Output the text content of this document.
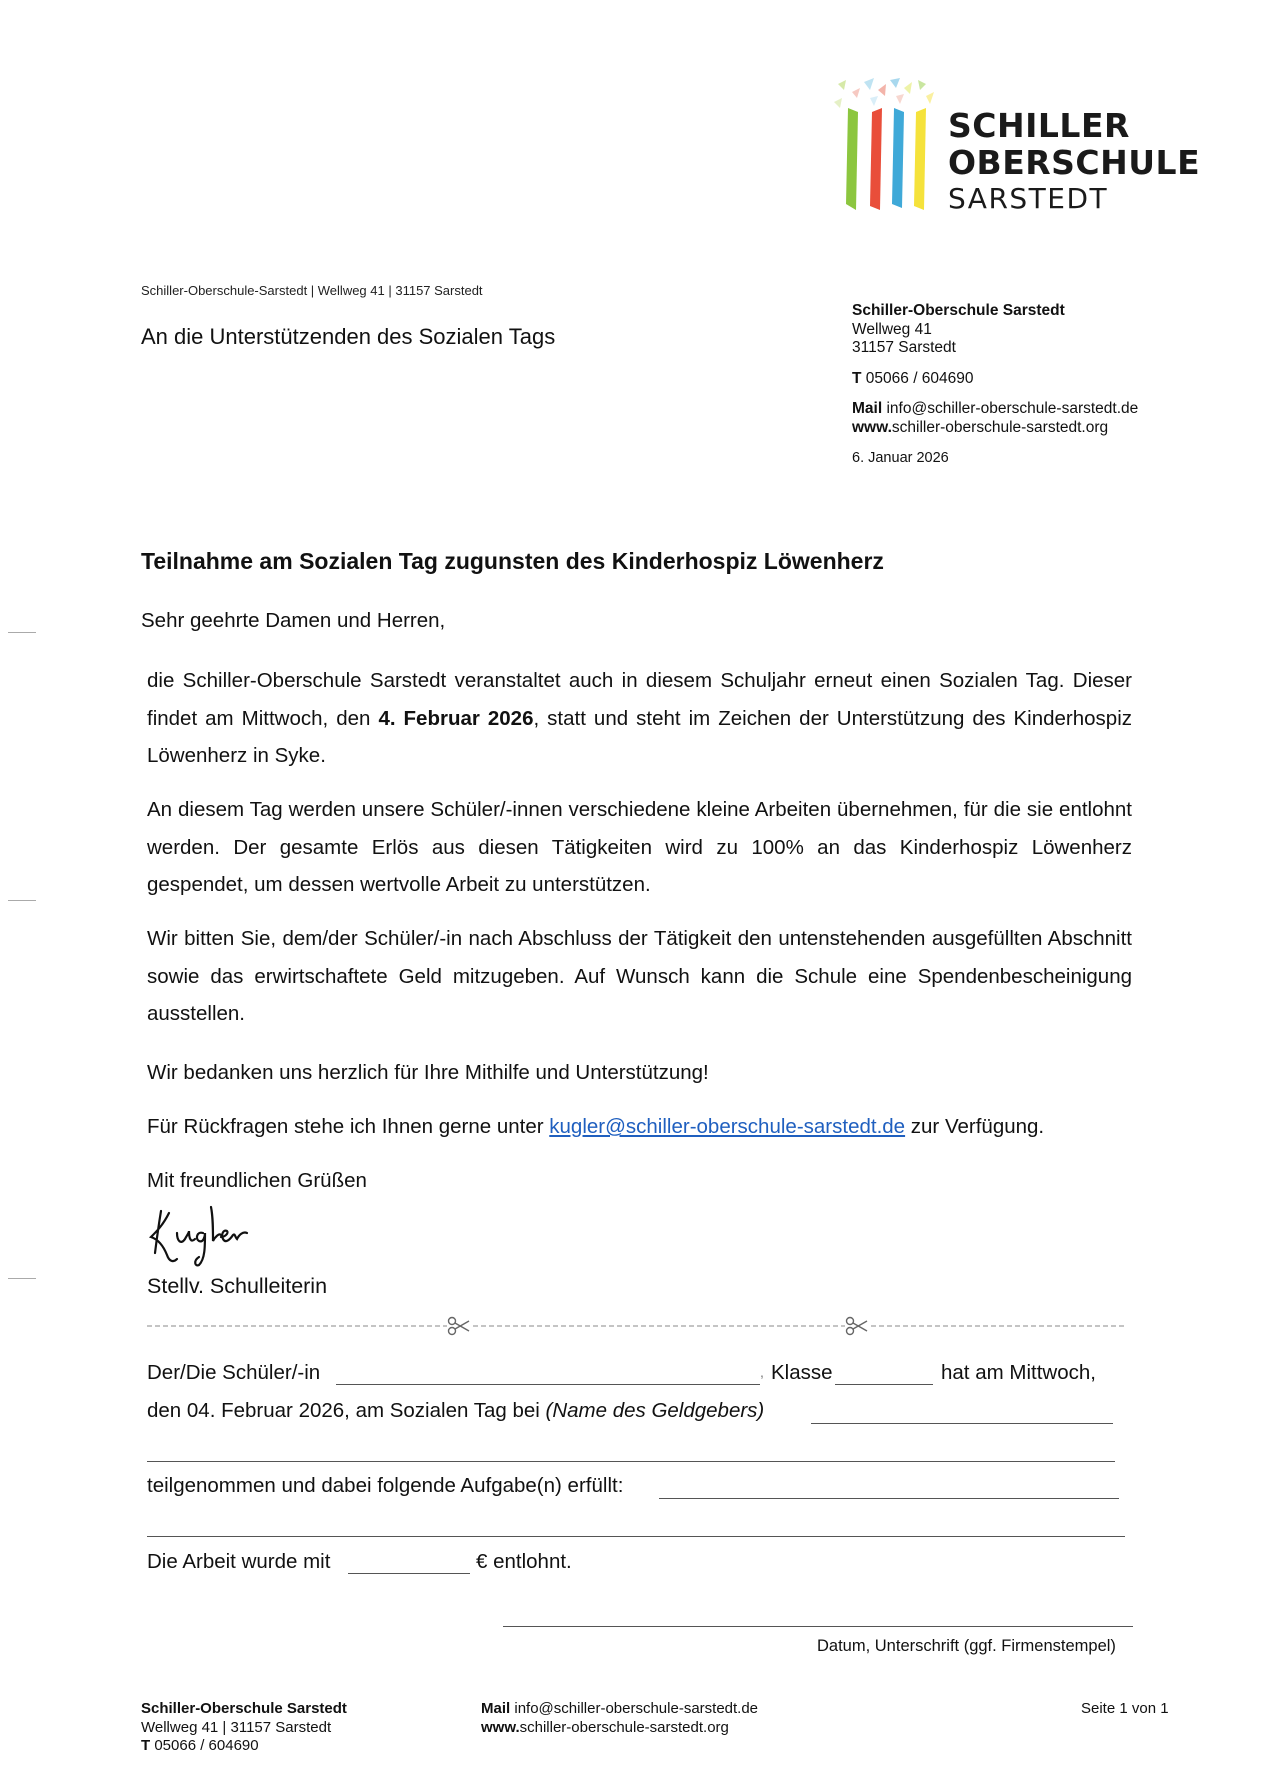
SCHILLER
OBERSCHULE
SARSTEDT
Schiller-Oberschule-Sarstedt | Wellweg 41 | 31157 Sarstedt
An die Unterstützenden des Sozialen Tags
Schiller-Oberschule Sarstedt
Wellweg 41
31157 Sarstedt
T 05066 / 604690
Mail info@schiller-oberschule-sarstedt.de
www.schiller-oberschule-sarstedt.org
6. Januar 2026
Teilnahme am Sozialen Tag zugunsten des Kinderhospiz Löwenherz
Sehr geehrte Damen und Herren,
die Schiller-Oberschule Sarstedt veranstaltet auch in diesem Schuljahr erneut einen Sozialen Tag. Dieser findet am Mittwoch, den 4. Februar 2026, statt und steht im Zeichen der Unterstützung des Kinderhospiz Löwenherz in Syke.
An diesem Tag werden unsere Schüler/-innen verschiedene kleine Arbeiten übernehmen, für die sie entlohnt werden. Der gesamte Erlös aus diesen Tätigkeiten wird zu 100% an das Kinderhospiz Löwenherz gespendet, um dessen wertvolle Arbeit zu unterstützen.
Wir bitten Sie, dem/der Schüler/-in nach Abschluss der Tätigkeit den untenstehenden ausgefüllten Abschnitt sowie das erwirtschaftete Geld mitzugeben. Auf Wunsch kann die Schule eine Spendenbescheinigung ausstellen.
Wir bedanken uns herzlich für Ihre Mithilfe und Unterstützung!
Für Rückfragen stehe ich Ihnen gerne unter kugler@schiller-oberschule-sarstedt.de zur Verfügung.
Mit freundlichen Grüßen
Stellv. Schulleiterin
Der/Die Schüler/-in	, Klasse	hat am Mittwoch,
den 04. Februar 2026, am Sozialen Tag bei (Name des Geldgebers)
teilgenommen und dabei folgende Aufgabe(n) erfüllt:
Die Arbeit wurde mit	€ entlohnt.
Datum, Unterschrift (ggf. Firmenstempel)
Schiller-Oberschule Sarstedt
Wellweg 41 | 31157 Sarstedt
T 05066 / 604690
Mail info@schiller-oberschule-sarstedt.de
www.schiller-oberschule-sarstedt.org
Seite 1 von 1
